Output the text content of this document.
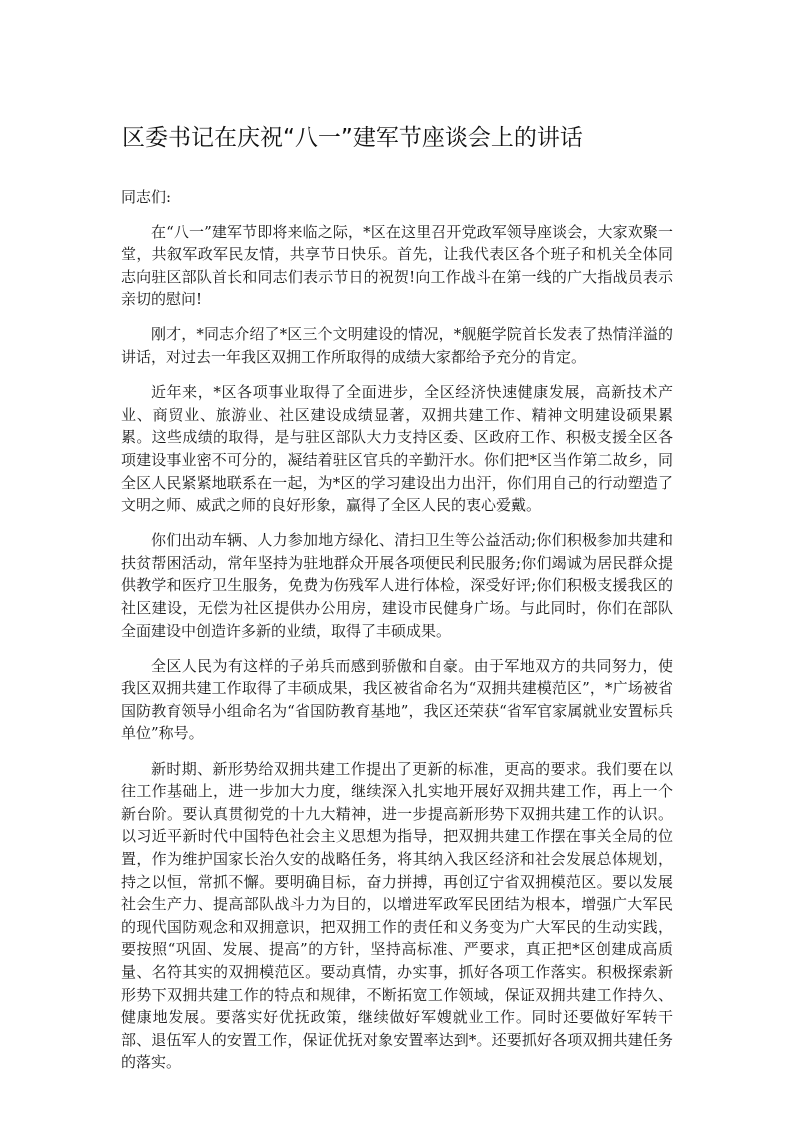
区委书记在庆祝“八一”建军节座谈会上的讲话

同志们:

在“八一”建军节即将来临之际，*区在这里召开党政军领导座谈会，大家欢聚一堂，共叙军政军民友情，共享节日快乐。首先，让我代表区各个班子和机关全体同志向驻区部队首长和同志们表示节日的祝贺!向工作战斗在第一线的广大指战员表示亲切的慰问!

刚才，*同志介绍了*区三个文明建设的情况，*舰艇学院首长发表了热情洋溢的讲话，对过去一年我区双拥工作所取得的成绩大家都给予充分的肯定。

近年来，*区各项事业取得了全面进步，全区经济快速健康发展，高新技术产业、商贸业、旅游业、社区建设成绩显著，双拥共建工作、精神文明建设硕果累累。这些成绩的取得，是与驻区部队大力支持区委、区政府工作、积极支援全区各项建设事业密不可分的，凝结着驻区官兵的辛勤汗水。你们把*区当作第二故乡，同全区人民紧紧地联系在一起，为*区的学习建设出力出汗，你们用自己的行动塑造了文明之师、威武之师的良好形象，赢得了全区人民的衷心爱戴。

你们出动车辆、人力参加地方绿化、清扫卫生等公益活动;你们积极参加共建和扶贫帮困活动，常年坚持为驻地群众开展各项便民利民服务;你们竭诚为居民群众提供教学和医疗卫生服务，免费为伤残军人进行体检，深受好评;你们积极支援我区的社区建设，无偿为社区提供办公用房，建设市民健身广场。与此同时，你们在部队全面建设中创造许多新的业绩，取得了丰硕成果。

全区人民为有这样的子弟兵而感到骄傲和自豪。由于军地双方的共同努力，使我区双拥共建工作取得了丰硕成果，我区被省命名为“双拥共建模范区”，*广场被省国防教育领导小组命名为“省国防教育基地”，我区还荣获“省军官家属就业安置标兵单位”称号。

新时期、新形势给双拥共建工作提出了更新的标准，更高的要求。我们要在以往工作基础上，进一步加大力度，继续深入扎实地开展好双拥共建工作，再上一个新台阶。要认真贯彻党的十九大精神，进一步提高新形势下双拥共建工作的认识。以习近平新时代中国特色社会主义思想为指导，把双拥共建工作摆在事关全局的位置，作为维护国家长治久安的战略任务，将其纳入我区经济和社会发展总体规划，持之以恒，常抓不懈。要明确目标，奋力拼搏，再创辽宁省双拥模范区。要以发展社会生产力、提高部队战斗力为目的，以增进军政军民团结为根本，增强广大军民的现代国防观念和双拥意识，把双拥工作的责任和义务变为广大军民的生动实践，要按照“巩固、发展、提高”的方针，坚持高标准、严要求，真正把*区创建成高质量、名符其实的双拥模范区。要动真情，办实事，抓好各项工作落实。积极探索新形势下双拥共建工作的特点和规律，不断拓宽工作领域，保证双拥共建工作持久、健康地发展。要落实好优抚政策，继续做好军嫂就业工作。同时还要做好军转干部、退伍军人的安置工作，保证优抚对象安置率达到*。还要抓好各项双拥共建任务的落实。
